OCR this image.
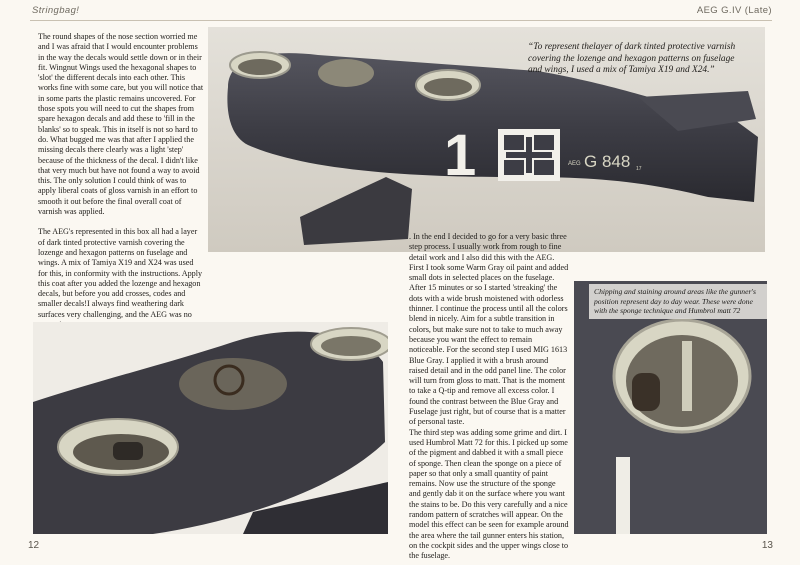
Stringbag!	AEG G.IV (Late)
1	AEG G 848 17
“To represent thelayer of dark tinted protective varnish covering the lozenge and hexagon patterns on fuselage and wings, I used a mix of Tamiya X19 and X24.”

The round shapes of the nose section worried me and I was afraid that I would encounter problems in the way the decals would settle down or in their fit. Wingnut Wings used the hexagonal shapes to 'slot' the different decals into each other. This works fine with some care, but you will notice that in some parts the plastic remains uncovered. For those spots you will need to cut the shapes from spare hexagon decals and add these to 'fill in the blanks' so to speak. This in itself is not so hard to do. What bugged me was that after I applied the missing decals there clearly was a light 'step' because of the thickness of the decal. I didn't like that very much but have not found a way to avoid this. The only solution I could think of was to apply liberal coats of gloss varnish in an effort to smooth it out before the final overall coat of varnish was applied.

The AEG's represented in this box all had a layer of dark tinted protective varnish covering the lozenge and hexagon patterns on fuselage and wings. A mix of Tamiya X19 and X24 was used for this, in conformity with the instructions. Apply this coat after you added the lozenge and hexagon decals, but before you add crosses, codes and smaller decals!I always find weathering dark surfaces very challenging, and the AEG was no

. In the end I decided to go for a very basic three step process. I usually work from rough to fine detail work and I also did this with the AEG. First I took some Warm Gray oil paint and added small dots in selected places on the fuselage. After 15 minutes or so I started 'streaking' the dots with a wide brush moistened with odorless thinner. I continue the process until all the colors blend in nicely. Aim for a subtle transition in colors, but make sure not to take to much away because you want the effect to remain noticeable. For the second step I used MIG 1613 Blue Gray. I applied it with a brush around raised detail and in the odd panel line. The color will turn from gloss to matt. That is the moment to take a Q-tip and remove all excess color. I found the contrast between the Blue Gray and Fuselage just right, but of course that is a matter of personal taste.

The third step was adding some grime and dirt. I used Humbrol Matt 72 for this. I picked up some of the pigment and dabbed it with a small piece of sponge. Then clean the sponge on a piece of paper so that only a small quantity of paint remains. Now use the structure of the sponge and gently dab it on the surface where you want the stains to be. Do this very carefully and a nice random pattern of scratches will appear. On the model this effect can be seen for example around the area where the tail gunner enters his station, on the cockpit sides and the upper wings close to the fuselage.

Chipping and staining around areas like the gunner's position represent day to day wear. These were done with the sponge technique and Humbrol matt 72
12	13
